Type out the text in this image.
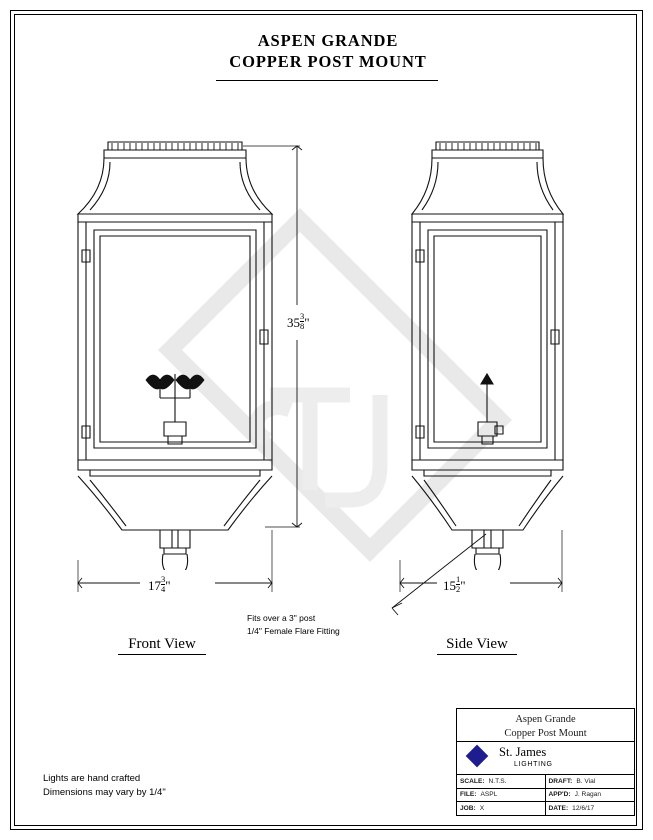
ASPEN GRANDE
COPPER POST MOUNT
$35 \frac{3}{8}$ "
$17 \frac{3}{4}$ "	$15 \frac{1}{2}$ "
Front View	Side View
Fits over a 3" post
1/4" Female Flare Fitting
Lights are hand crafted
Dimensions may vary by 1/4"
Aspen Grande
Copper Post Mount
St. James
LIGHTING
SCALE: N.T.S.	DRAFT: B. Vial
FILE: ASPL	APP'D: J. Ragan
JOB: X	DATE: 12/6/17
